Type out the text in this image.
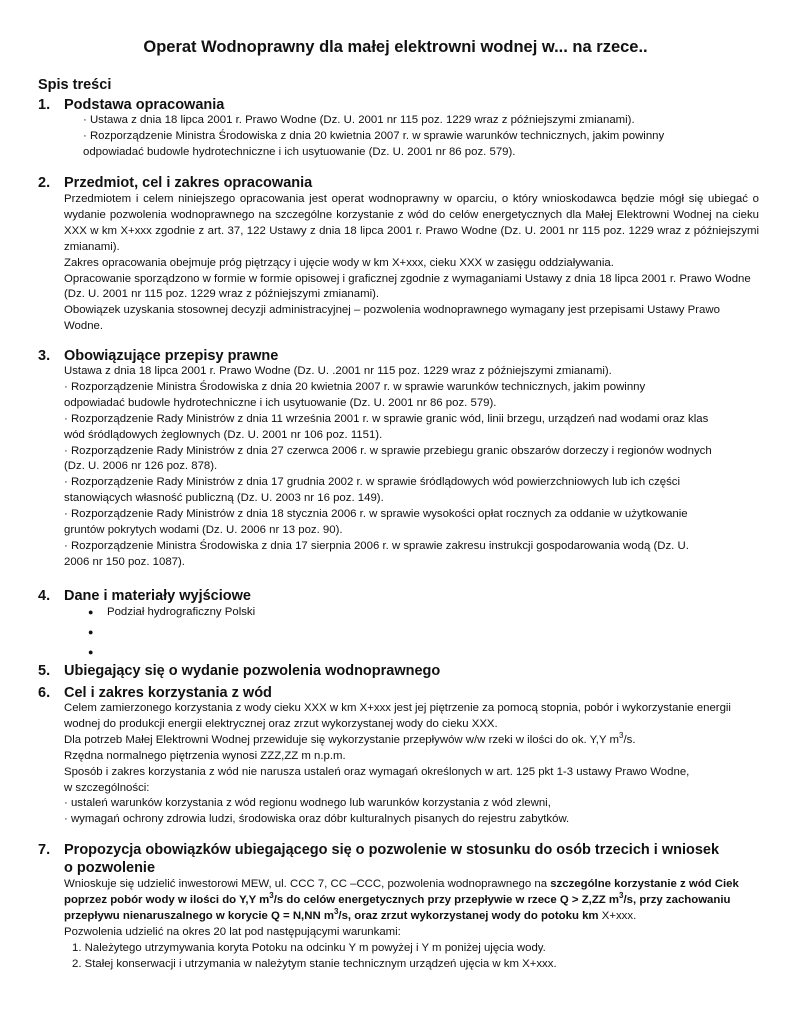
Operat Wodnoprawny dla małej elektrowni wodnej w... na rzece..
Spis treści
1. Podstawa opracowania

· Ustawa z dnia 18 lipca 2001 r. Prawo Wodne (Dz. U. 2001 nr 115 poz. 1229 wraz z późniejszymi zmianami).

· Rozporządzenie Ministra Środowiska z dnia 20 kwietnia 2007 r. w sprawie warunków technicznych, jakim powinny

odpowiadać budowle hydrotechniczne i ich usytuowanie (Dz. U. 2001 nr 86 poz. 579).

2. Przedmiot, cel i zakres opracowania

Przedmiotem i celem niniejszego opracowania jest operat wodnoprawny w oparciu, o który wnioskodawca będzie mógł się ubiegać o wydanie pozwolenia wodnoprawnego na szczególne korzystanie z wód do celów energetycznych dla Małej Elektrowni Wodnej na cieku XXX w km X+xxx zgodnie z art. 37, 122 Ustawy z dnia 18 lipca 2001 r. Prawo Wodne (Dz. U. 2001 nr 115 poz. 1229 wraz z późniejszymi zmianami).

Zakres opracowania obejmuje próg piętrzący i ujęcie wody w km X+xxx, cieku XXX w zasięgu oddziaływania.

Opracowanie sporządzono w formie w formie opisowej i graficznej zgodnie z wymaganiami Ustawy z dnia 18 lipca 2001 r. Prawo Wodne (Dz. U. 2001 nr 115 poz. 1229 wraz z późniejszymi zmianami).

Obowiązek uzyskania stosownej decyzji administracyjnej – pozwolenia wodnoprawnego wymagany jest przepisami Ustawy Prawo Wodne.

3. Obowiązujące przepisy prawne

Ustawa z dnia 18 lipca 2001 r. Prawo Wodne (Dz. U. .2001 nr 115 poz. 1229 wraz z późniejszymi zmianami).

· Rozporządzenie Ministra Środowiska z dnia 20 kwietnia 2007 r. w sprawie warunków technicznych, jakim powinny

odpowiadać budowle hydrotechniczne i ich usytuowanie (Dz. U. 2001 nr 86 poz. 579).

· Rozporządzenie Rady Ministrów z dnia 11 września 2001 r. w sprawie granic wód, linii brzegu, urządzeń nad wodami oraz klas

wód śródlądowych żeglownych (Dz. U. 2001 nr 106 poz. 1151).

· Rozporządzenie Rady Ministrów z dnia 27 czerwca 2006 r. w sprawie przebiegu granic obszarów dorzeczy i regionów wodnych

(Dz. U. 2006 nr 126 poz. 878).

· Rozporządzenie Rady Ministrów z dnia 17 grudnia 2002 r. w sprawie śródlądowych wód powierzchniowych lub ich części

stanowiących własność publiczną (Dz. U. 2003 nr 16 poz. 149).

· Rozporządzenie Rady Ministrów z dnia 18 stycznia 2006 r. w sprawie wysokości opłat rocznych za oddanie w użytkowanie

gruntów pokrytych wodami (Dz. U. 2006 nr 13 poz. 90).

· Rozporządzenie Ministra Środowiska z dnia 17 sierpnia 2006 r. w sprawie zakresu instrukcji gospodarowania wodą (Dz. U.

2006 nr 150 poz. 1087).

4. Dane i materiały wyjściowe
●	Podział hydrograficzny Polski
●
●
5. Ubiegający się o wydanie pozwolenia wodnoprawnego
6. Cel i zakres korzystania z wód

Celem zamierzonego korzystania z wody cieku XXX w km X+xxx jest jej piętrzenie za pomocą stopnia, pobór i wykorzystanie energii wodnej do produkcji energii elektrycznej oraz zrzut wykorzystanej wody do cieku XXX.

Dla potrzeb Małej Elektrowni Wodnej przewiduje się wykorzystanie przepływów w/w rzeki w ilości do ok. Y,Y $m^3/s$.

Rzędna normalnego piętrzenia wynosi ZZZ,ZZ m n.p.m.

Sposób i zakres korzystania z wód nie narusza ustaleń oraz wymagań określonych w art. 125 pkt 1-3 ustawy Prawo Wodne,

w szczególności:

· ustaleń warunków korzystania z wód regionu wodnego lub warunków korzystania z wód zlewni,

· wymagań ochrony zdrowia ludzi, środowiska oraz dóbr kulturalnych pisanych do rejestru zabytków.

7. Propozycja obowiązków ubiegającego się o pozwolenie w stosunku do osób trzecich i wniosek
o pozwolenie

Wnioskuje się udzielić inwestorowi MEW, ul. CCC 7, CC –CCC, pozwolenia wodnoprawnego na szczególne korzystanie z wód Ciek poprzez pobór wody w ilości do Y,Y $m^3/s$ do celów energetycznych przy przepływie w rzece Q > Z,ZZ $m^3/s$, przy zachowaniu przepływu nienaruszalnego w korycie Q = N,NN $m^3/s$, oraz zrzut wykorzystanej wody do potoku km X+xxx.

Pozwolenia udzielić na okres 20 lat pod następującymi warunkami:

1. Należytego utrzymywania koryta Potoku na odcinku Y m powyżej i Y m poniżej ujęcia wody.
2. Stałej konserwacji i utrzymania w należytym stanie technicznym urządzeń ujęcia w km X+xxx.
